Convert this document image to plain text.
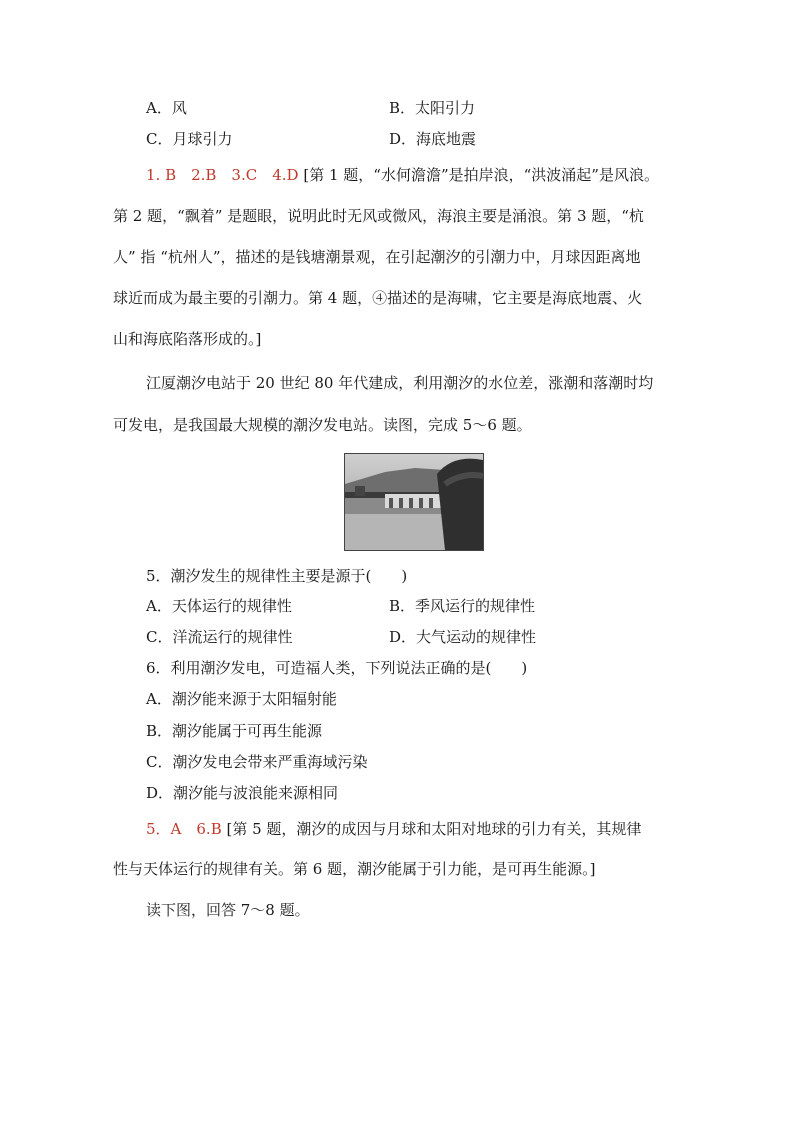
A．风	B．太阳引力
C．月球引力	D．海底地震
1. B　2.B　3.C　4.D [第 1 题，“水何澹澹”是拍岸浪，“洪波涌起”是风浪。
第 2 题，“飘着” 是题眼，说明此时无风或微风，海浪主要是涌浪。第 3 题，“杭
人” 指 “杭州人”，描述的是钱塘潮景观，在引起潮汐的引潮力中，月球因距离地
球近而成为最主要的引潮力。第 4 题，④描述的是海啸，它主要是海底地震、火
山和海底陷落形成的。]
江厦潮汐电站于 20 世纪 80 年代建成，利用潮汐的水位差，涨潮和落潮时均
可发电，是我国最大规模的潮汐发电站。读图，完成 5～6 题。
5．潮汐发生的规律性主要是源于(　　)
A．天体运行的规律性	B．季风运行的规律性
C．洋流运行的规律性	D．大气运动的规律性
6．利用潮汐发电，可造福人类，下列说法正确的是(　　)
A．潮汐能来源于太阳辐射能
B．潮汐能属于可再生能源
C．潮汐发电会带来严重海域污染
D．潮汐能与波浪能来源相同
5．A　6.B [第 5 题，潮汐的成因与月球和太阳对地球的引力有关，其规律
性与天体运行的规律有关。第 6 题，潮汐能属于引力能，是可再生能源。]
读下图，回答 7～8 题。
